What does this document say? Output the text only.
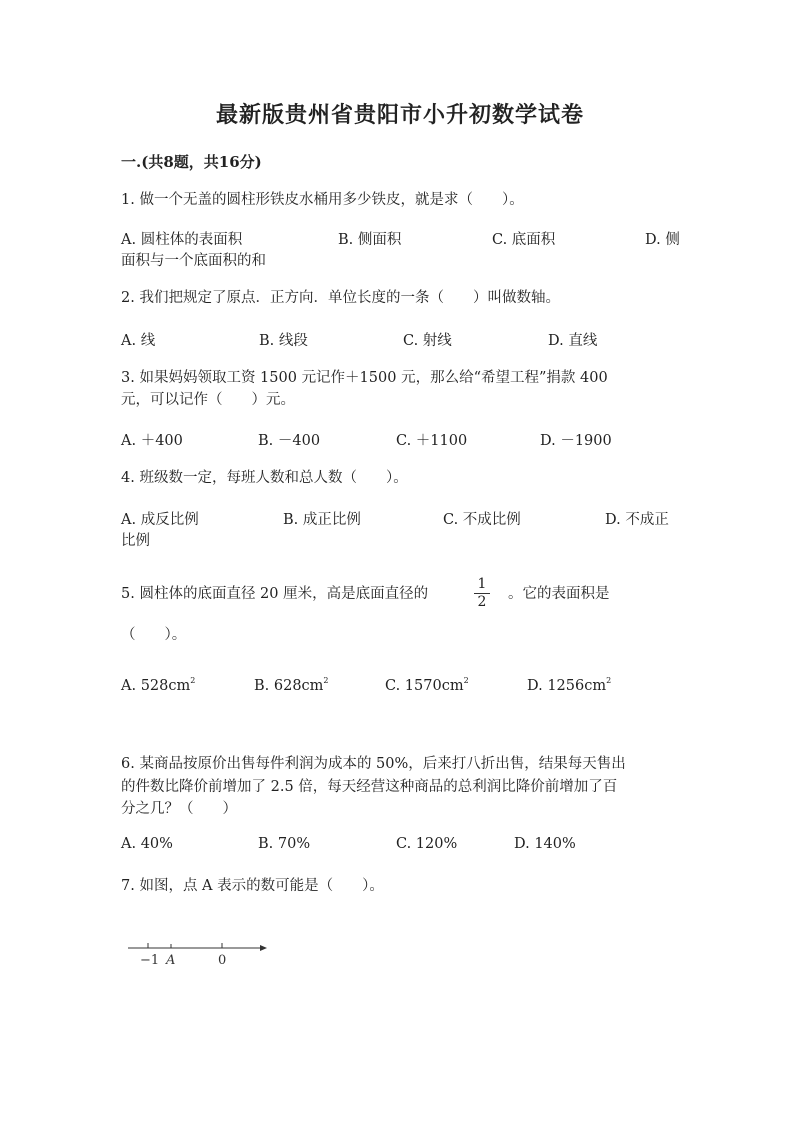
最新版贵州省贵阳市小升初数学试卷
一.(共8题，共16分)
1. 做一个无盖的圆柱形铁皮水桶用多少铁皮，就是求（　　）。
A. 圆柱体的表面积	B. 侧面积	C. 底面积	D. 侧
面积与一个底面积的和
2. 我们把规定了原点．正方向．单位长度的一条（　　）叫做数轴。
A. 线	B. 线段	C. 射线	D. 直线
3. 如果妈妈领取工资 1500 元记作＋1500 元，那么给“希望工程”捐款 400
元，可以记作（　　）元。
A. ＋400	B. －400	C. ＋1100	D. －1900
4. 班级数一定，每班人数和总人数（　　）。
A. 成反比例	B. 成正比例	C. 不成比例	D. 不成正
比例
5. 圆柱体的底面直径 20 厘米，高是底面直径的
1
2 。它的表面积是
（　　）。
A. $528cm^2$	B. $628cm^2$	C. $1570cm^2$	D. $1256cm^2$
6. 某商品按原价出售每件利润为成本的 50%，后来打八折出售，结果每天售出
的件数比降价前增加了 2.5 倍，每天经营这种商品的总利润比降价前增加了百
分之几？（　　）
A. 40%	B. 70%	C. 120%	D. 140%
7. 如图，点 A 表示的数可能是（　　）。
−1 A	0
